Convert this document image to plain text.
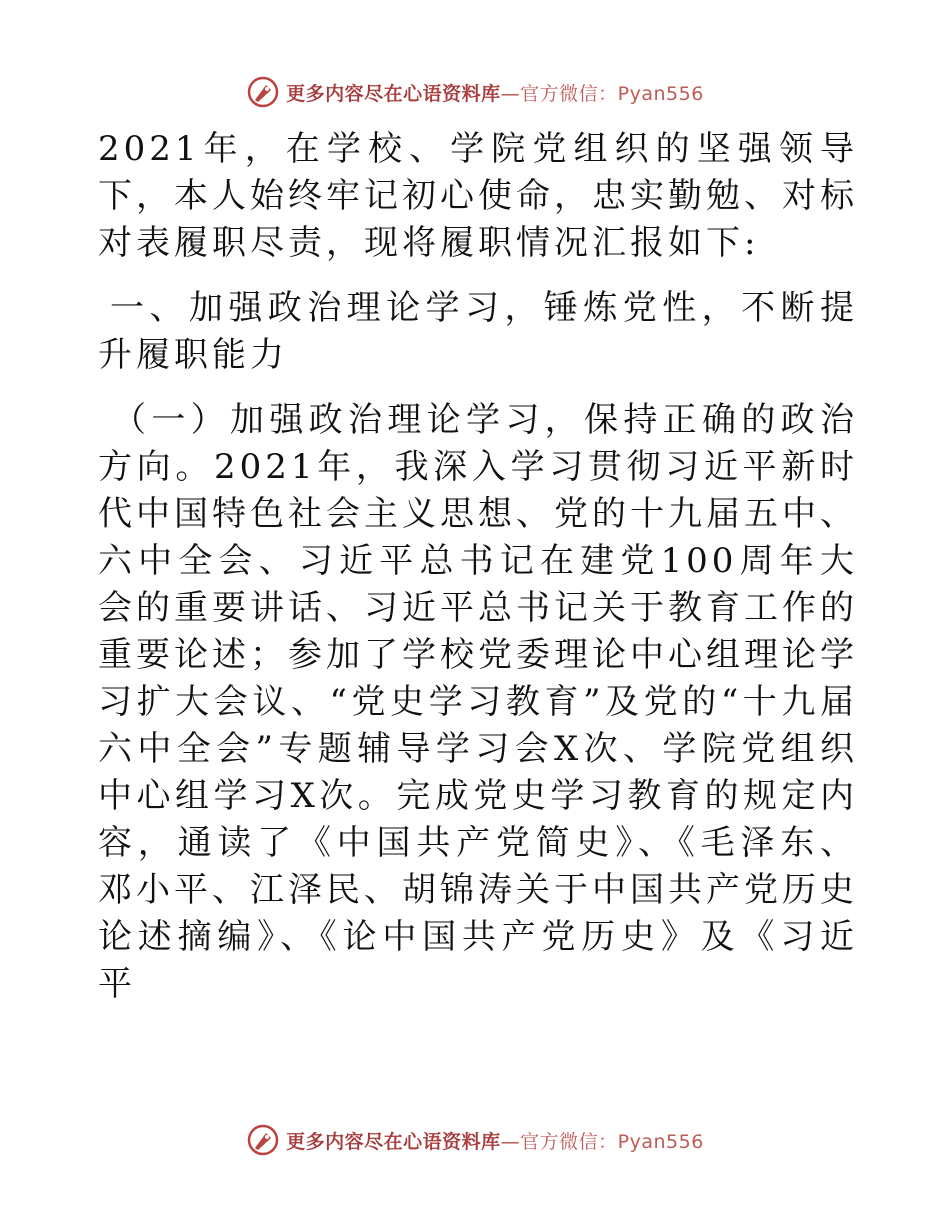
更多内容尽在心语资料库—官方微信：Pyan556

2021年，在学校、学院党组织的坚强领导下，本人始终牢记初心使命，忠实勤勉、对标对表履职尽责，现将履职情况汇报如下:

一、加强政治理论学习，锤炼党性，不断提升履职能力

（一）加强政治理论学习，保持正确的政治方向。2021年，我深入学习贯彻习近平新时代中国特色社会主义思想、党的十九届五中、六中全会、习近平总书记在建党100周年大会的重要讲话、习近平总书记关于教育工作的重要论述；参加了学校党委理论中心组理论学习扩大会议、“党史学习教育”及党的“十九届六中全会”专题辅导学习会X次、学院党组织中心组学习X次。完成党史学习教育的规定内容，通读了《中国共产党简史》、《毛泽东、邓小平、江泽民、胡锦涛关于中国共产党历史论述摘编》、《论中国共产党历史》及《习近平

更多内容尽在心语资料库—官方微信：Pyan556
